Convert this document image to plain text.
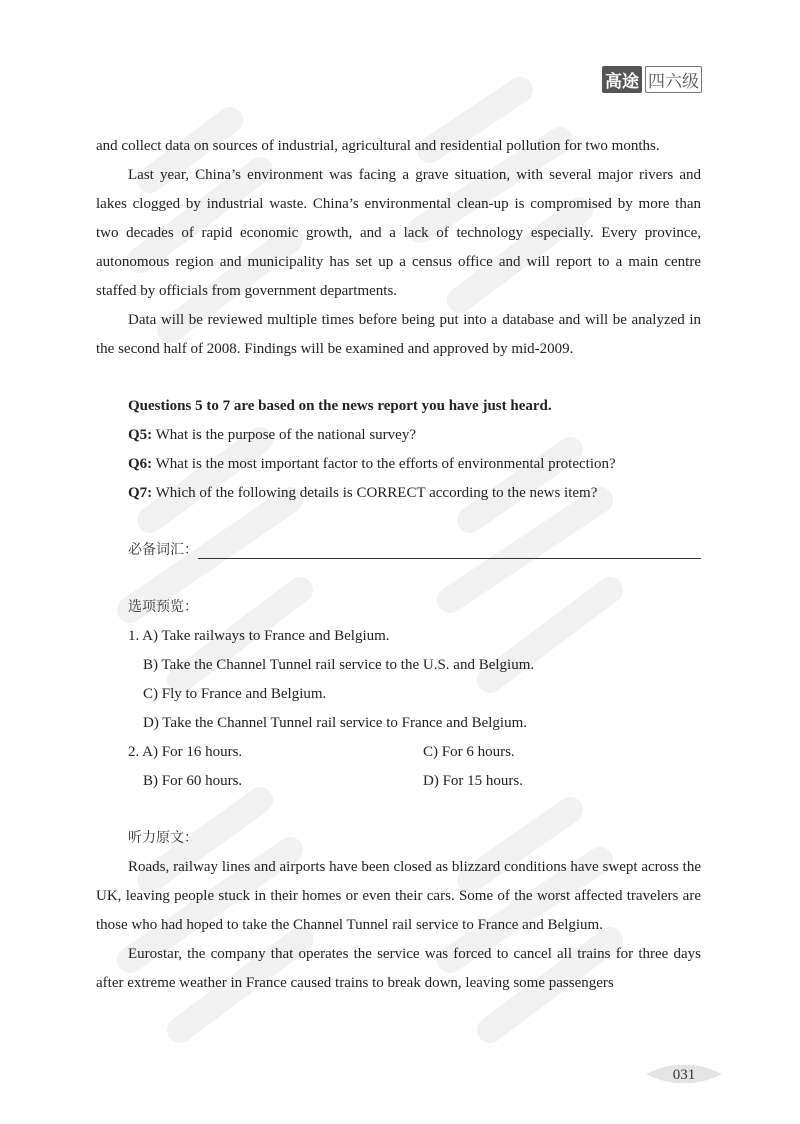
高途 四六级

and collect data on sources of industrial, agricultural and residential pollution for two months.

Last year, China’s environment was facing a grave situation, with several major rivers and lakes clogged by industrial waste. China’s environmental clean-up is compromised by more than two decades of rapid economic growth, and a lack of technology especially. Every province, autonomous region and municipality has set up a census office and will report to a main centre staffed by officials from government departments.

Data will be reviewed multiple times before being put into a database and will be analyzed in the second half of 2008. Findings will be examined and approved by mid-2009.

Questions 5 to 7 are based on the news report you have just heard.

Q5: What is the purpose of the national survey?

Q6: What is the most important factor to the efforts of environmental protection?

Q7: Which of the following details is CORRECT according to the news item?

必备词汇：

选项预览：

1. A) Take railways to France and Belgium.

B) Take the Channel Tunnel rail service to the U.S. and Belgium.

C) Fly to France and Belgium.

D) Take the Channel Tunnel rail service to France and Belgium.

2. A) For 16 hours.	C) For 6 hours.
B) For 60 hours.	D) For 15 hours.

听力原文：

Roads, railway lines and airports have been closed as blizzard conditions have swept across the UK, leaving people stuck in their homes or even their cars. Some of the worst affected travelers are those who had hoped to take the Channel Tunnel rail service to France and Belgium.

Eurostar, the company that operates the service was forced to cancel all trains for three days after extreme weather in France caused trains to break down, leaving some passengers

031
